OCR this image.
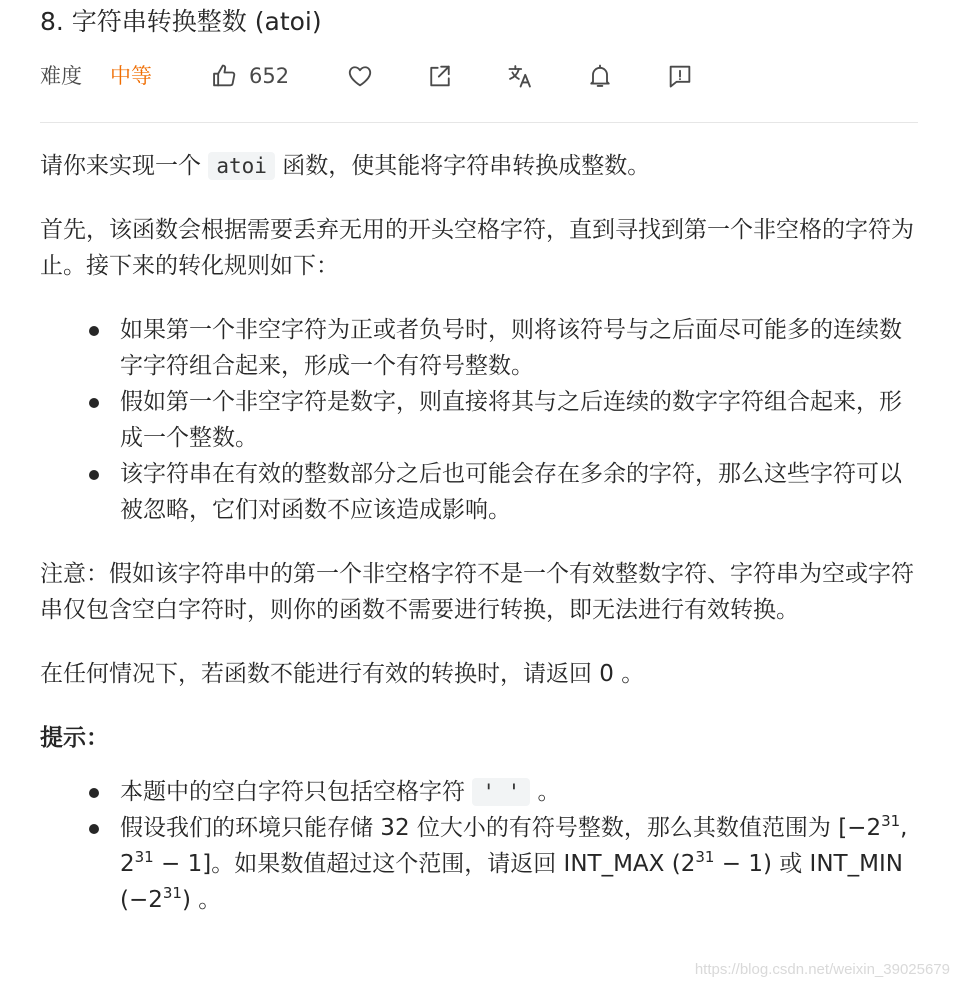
8. 字符串转换整数 (atoi)
难度 中等	652

请你来实现一个 atoi 函数，使其能将字符串转换成整数。

首先，该函数会根据需要丢弃无用的开头空格字符，直到寻找到第一个非空格的字符为止。接下来的转化规则如下：

如果第一个非空字符为正或者负号时，则将该符号与之后面尽可能多的连续数字字符组合起来，形成一个有符号整数。
假如第一个非空字符是数字，则直接将其与之后连续的数字字符组合起来，形成一个整数。
该字符串在有效的整数部分之后也可能会存在多余的字符，那么这些字符可以被忽略，它们对函数不应该造成影响。

注意：假如该字符串中的第一个非空格字符不是一个有效整数字符、字符串为空或字符串仅包含空白字符时，则你的函数不需要进行转换，即无法进行有效转换。

在任何情况下，若函数不能进行有效的转换时，请返回 0 。

提示：

本题中的空白字符只包括空格字符 ' ' 。
假设我们的环境只能存储 32 位大小的有符号整数，那么其数值范围为 [$-2^{31}$, $2^{31} - 1$]。如果数值超过这个范围，请返回 INT_MAX $(2^{31} - 1)$ 或 INT_MIN $(-2^{31})$ 。
https://blog.csdn.net/weixin_39025679
